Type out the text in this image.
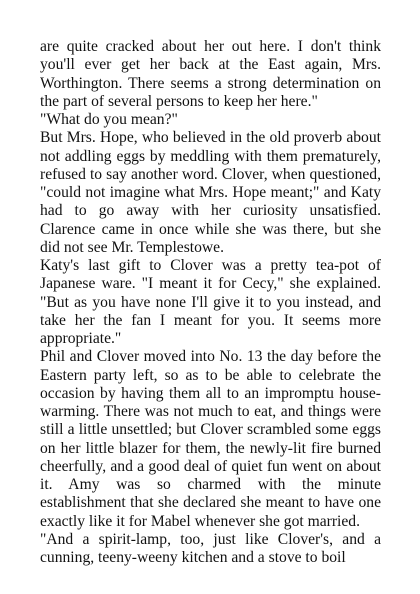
are quite cracked about her out here. I don't think you'll ever get her back at the East again, Mrs. Worthington. There seems a strong determination on the part of several persons to keep her here."

"What do you mean?"

But Mrs. Hope, who believed in the old proverb about not addling eggs by meddling with them prematurely, refused to say another word. Clover, when questioned, "could not imagine what Mrs. Hope meant;" and Katy had to go away with her curiosity unsatisfied. Clarence came in once while she was there, but she did not see Mr. Templestowe.

Katy's last gift to Clover was a pretty tea-pot of Japanese ware. "I meant it for Cecy," she explained. "But as you have none I'll give it to you instead, and take her the fan I meant for you. It seems more appropriate."

Phil and Clover moved into No. 13 the day before the Eastern party left, so as to be able to celebrate the occasion by having them all to an impromptu house-warming. There was not much to eat, and things were still a little unsettled; but Clover scrambled some eggs on her little blazer for them, the newly-lit fire burned cheerfully, and a good deal of quiet fun went on about it. Amy was so charmed with the minute establishment that she declared she meant to have one exactly like it for Mabel whenever she got married.

"And a spirit-lamp, too, just like Clover's, and a cunning, teeny-weeny kitchen and a stove to boil
